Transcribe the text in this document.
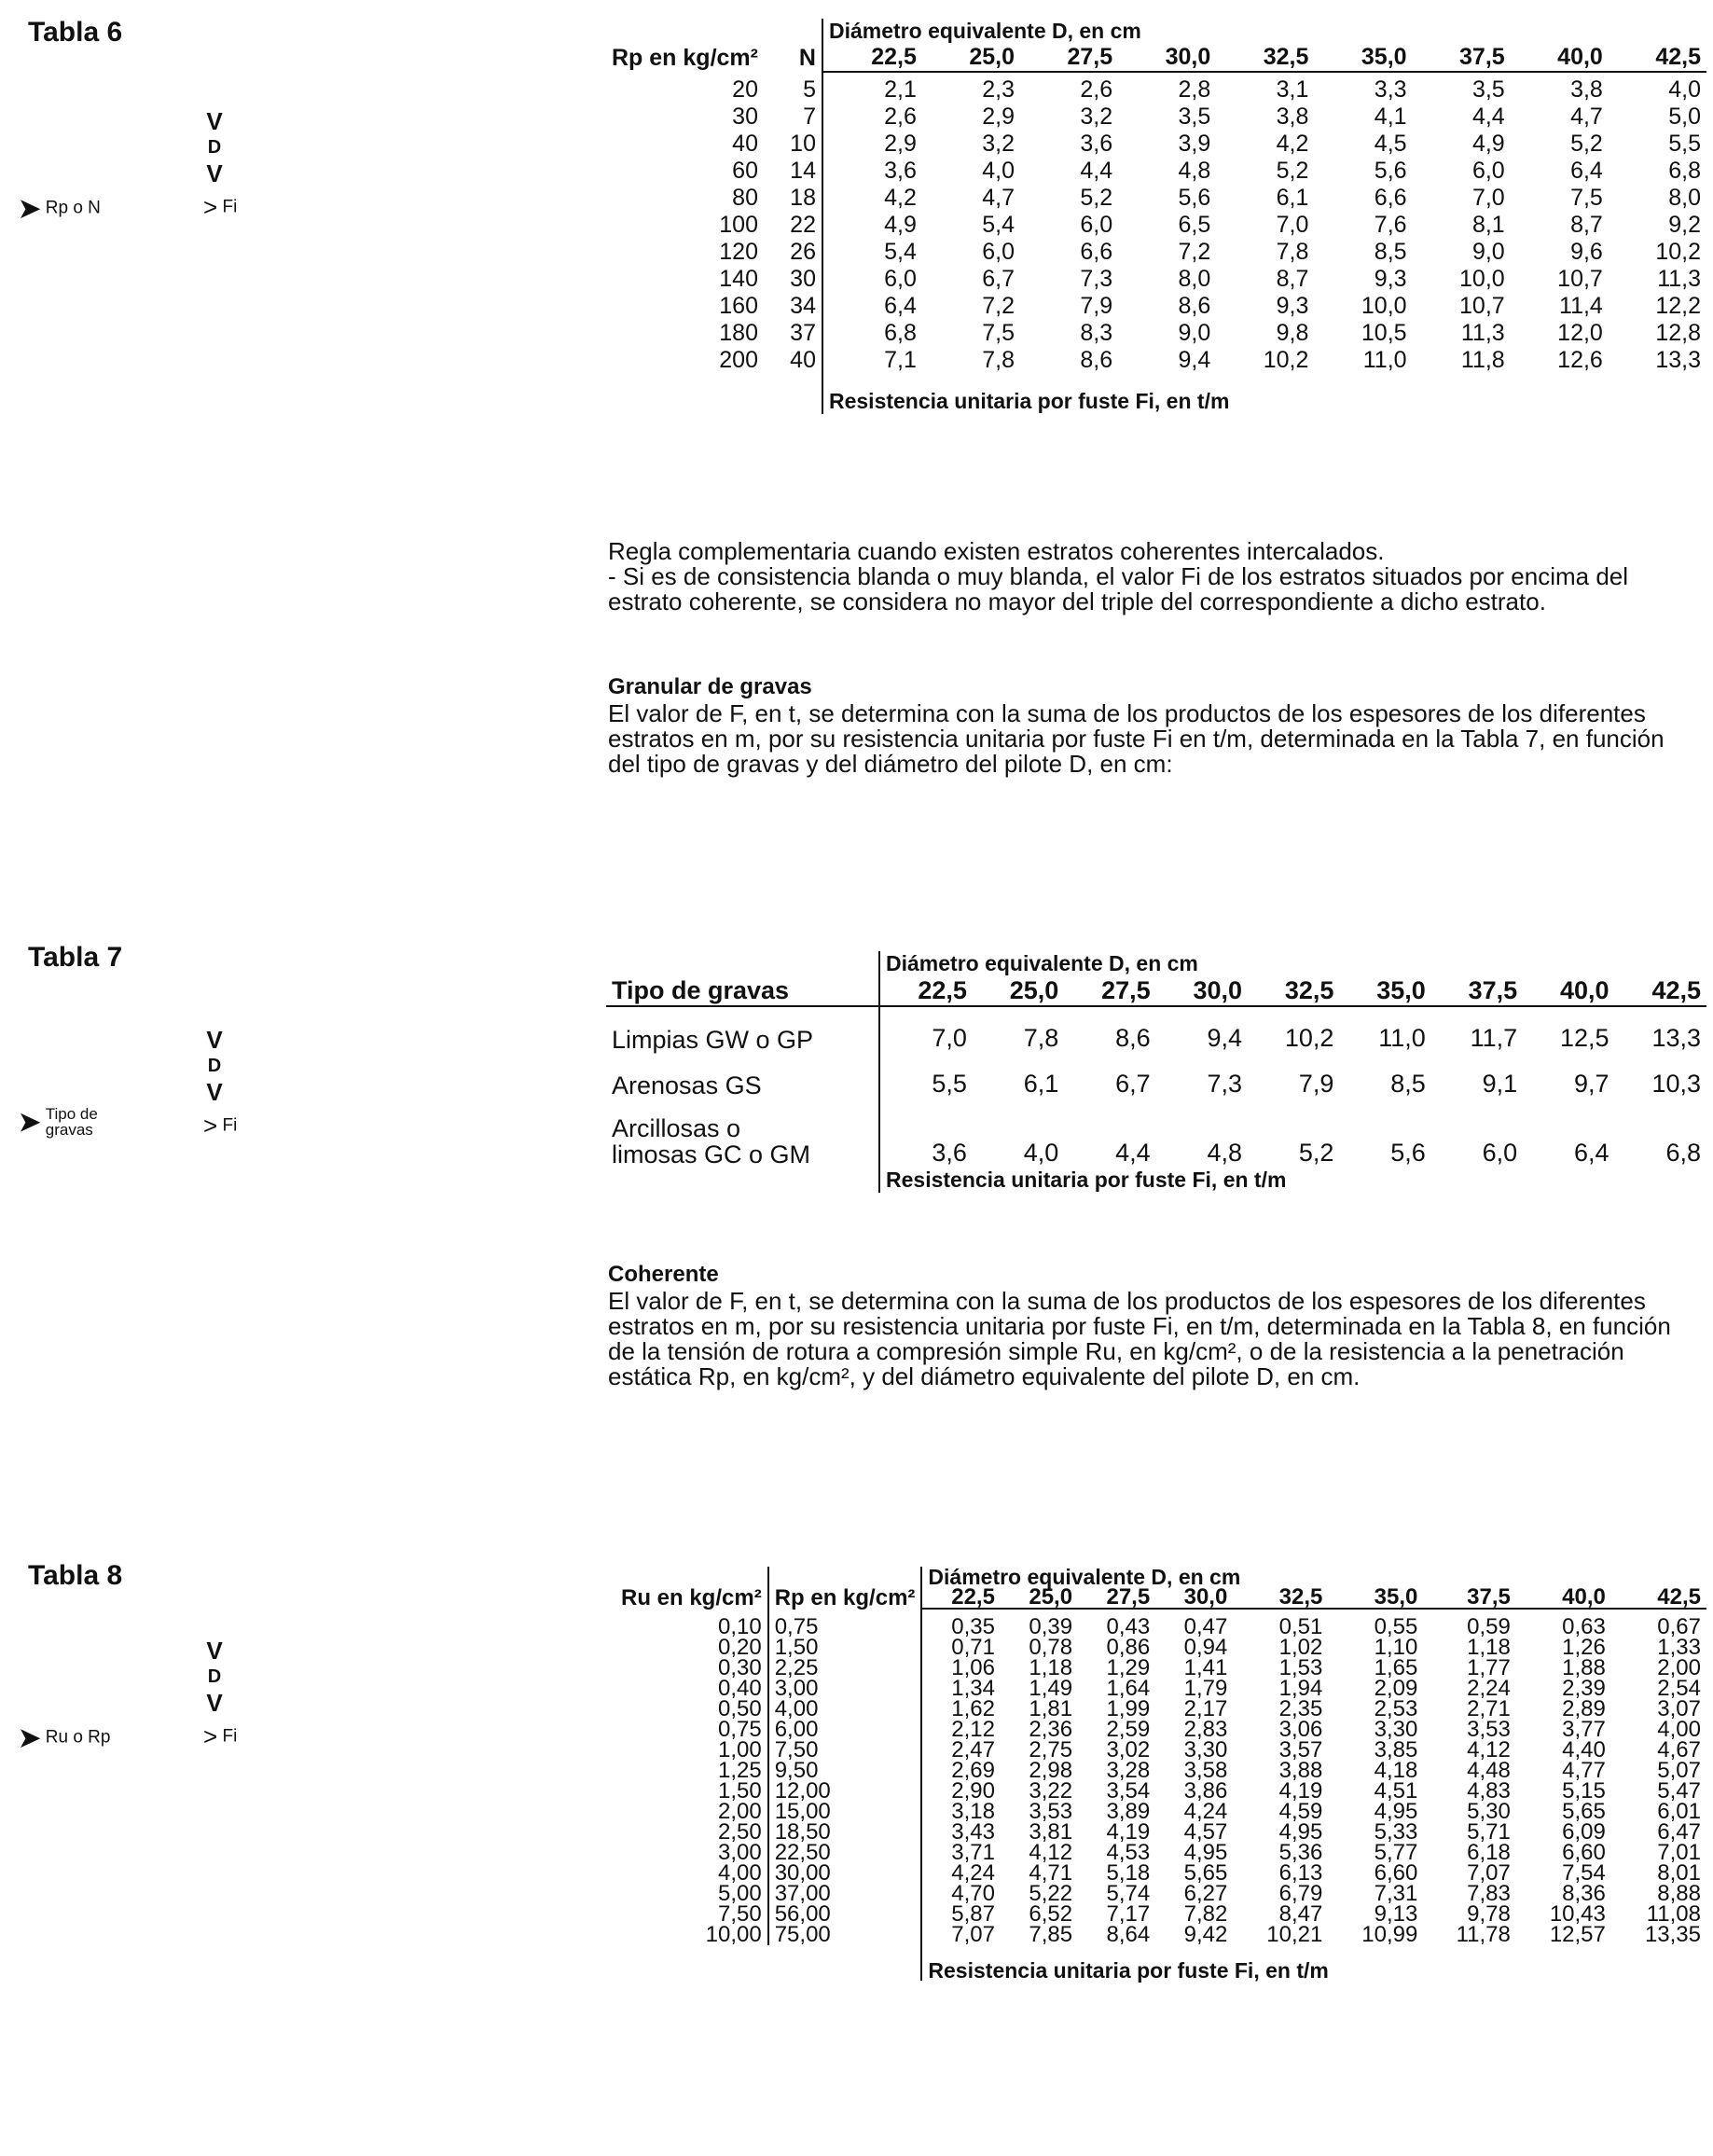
Tabla 6
V
D
V
➤ Rp o N	> Fi
Rp en kg/cm²	N	Diámetro equivalente D, en cm								
		22,5	25,0	27,5	30,0	32,5	35,0	37,5	40,0	42,5
20	5	2,1	2,3	2,6	2,8	3,1	3,3	3,5	3,8	4,0
30	7	2,6	2,9	3,2	3,5	3,8	4,1	4,4	4,7	5,0
40	10	2,9	3,2	3,6	3,9	4,2	4,5	4,9	5,2	5,5
60	14	3,6	4,0	4,4	4,8	5,2	5,6	6,0	6,4	6,8
80	18	4,2	4,7	5,2	5,6	6,1	6,6	7,0	7,5	8,0
100	22	4,9	5,4	6,0	6,5	7,0	7,6	8,1	8,7	9,2
120	26	5,4	6,0	6,6	7,2	7,8	8,5	9,0	9,6	10,2
140	30	6,0	6,7	7,3	8,0	8,7	9,3	10,0	10,7	11,3
160	34	6,4	7,2	7,9	8,6	9,3	10,0	10,7	11,4	12,2
180	37	6,8	7,5	8,3	9,0	9,8	10,5	11,3	12,0	12,8
200	40	7,1	7,8	8,6	9,4	10,2	11,0	11,8	12,6	13,3
		Resistencia unitaria por fuste Fi, en t/m								
Regla complementaria cuando existen estratos coherentes intercalados.
- Si es de consistencia blanda o muy blanda, el valor Fi de los estratos situados por encima del estrato coherente, se considera no mayor del triple del correspondiente a dicho estrato.
Granular de gravas
El valor de F, en t, se determina con la suma de los productos de los espesores de los diferentes estratos en m, por su resistencia unitaria por fuste Fi en t/m, determinada en la Tabla 7, en función del tipo de gravas y del diámetro del pilote D, en cm:
Tabla 7
V
D
V
➤ Tipo de gravas	> Fi
	Diámetro equivalente D, en cm								
Tipo de gravas	22,5	25,0	27,5	30,0	32,5	35,0	37,5	40,0	42,5

Limpias GW o GP	7,0	7,8	8,6	9,4	10,2	11,0	11,7	12,5	13,3

Arenosas GS	5,5	6,1	6,7	7,3	7,9	8,5	9,1	9,7	10,3

Arcillosas o
limosas GC o GM	3,6	4,0	4,4	4,8	5,2	5,6	6,0	6,4	6,8
	Resistencia unitaria por fuste Fi, en t/m								
Coherente
El valor de F, en t, se determina con la suma de los productos de los espesores de los diferentes estratos en m, por su resistencia unitaria por fuste Fi, en t/m, determinada en la Tabla 8, en función de la tensión de rotura a compresión simple Ru, en kg/cm², o de la resistencia a la penetración estática Rp, en kg/cm², y del diámetro equivalente del pilote D, en cm.
Tabla 8
V
D
V
➤ Ru o Rp	> Fi
Ru en kg/cm²	Rp en kg/cm²	Diámetro equivalente D, en cm								
		22,5	25,0	27,5	30,0	32,5	35,0	37,5	40,0	42,5
0,10	0,75	0,35	0,39	0,43	0,47	0,51	0,55	0,59	0,63	0,67
0,20	1,50	0,71	0,78	0,86	0,94	1,02	1,10	1,18	1,26	1,33
0,30	2,25	1,06	1,18	1,29	1,41	1,53	1,65	1,77	1,88	2,00
0,40	3,00	1,34	1,49	1,64	1,79	1,94	2,09	2,24	2,39	2,54
0,50	4,00	1,62	1,81	1,99	2,17	2,35	2,53	2,71	2,89	3,07
0,75	6,00	2,12	2,36	2,59	2,83	3,06	3,30	3,53	3,77	4,00
1,00	7,50	2,47	2,75	3,02	3,30	3,57	3,85	4,12	4,40	4,67
1,25	9,50	2,69	2,98	3,28	3,58	3,88	4,18	4,48	4,77	5,07
1,50	12,00	2,90	3,22	3,54	3,86	4,19	4,51	4,83	5,15	5,47
2,00	15,00	3,18	3,53	3,89	4,24	4,59	4,95	5,30	5,65	6,01
2,50	18,50	3,43	3,81	4,19	4,57	4,95	5,33	5,71	6,09	6,47
3,00	22,50	3,71	4,12	4,53	4,95	5,36	5,77	6,18	6,60	7,01
4,00	30,00	4,24	4,71	5,18	5,65	6,13	6,60	7,07	7,54	8,01
5,00	37,00	4,70	5,22	5,74	6,27	6,79	7,31	7,83	8,36	8,88
7,50	56,00	5,87	6,52	7,17	7,82	8,47	9,13	9,78	10,43	11,08
10,00	75,00	7,07	7,85	8,64	9,42	10,21	10,99	11,78	12,57	13,35
		Resistencia unitaria por fuste Fi, en t/m								
